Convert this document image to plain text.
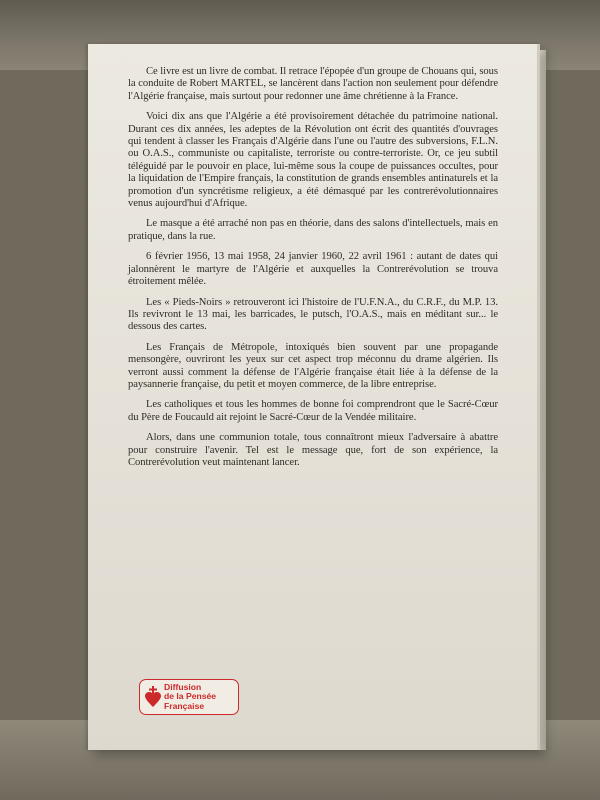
Ce livre est un livre de combat. Il retrace l'épopée d'un groupe de Chouans qui, sous la conduite de Robert MARTEL, se lancèrent dans l'action non seulement pour défendre l'Algérie française, mais surtout pour redonner une âme chrétienne à la France.

Voici dix ans que l'Algérie a été provisoirement détachée du patrimoine national. Durant ces dix années, les adeptes de la Révolution ont écrit des quantités d'ouvrages qui tendent à classer les Français d'Algérie dans l'une ou l'autre des subversions, F.L.N. ou O.A.S., communiste ou capitaliste, terroriste ou contre-terroriste. Or, ce jeu subtil téléguidé par le pouvoir en place, lui-même sous la coupe de puissances occultes, pour la liquidation de l'Empire français, la constitution de grands ensembles antinaturels et la promotion d'un syncrétisme religieux, a été démasqué par les contrerévolutionnaires venus aujourd'hui d'Afrique.

Le masque a été arraché non pas en théorie, dans des salons d'intellectuels, mais en pratique, dans la rue.

6 février 1956, 13 mai 1958, 24 janvier 1960, 22 avril 1961 : autant de dates qui jalonnèrent le martyre de l'Algérie et auxquelles la Contrerévolution se trouva étroitement mêlée.

Les « Pieds-Noirs » retrouveront ici l'histoire de l'U.F.N.A., du C.R.F., du M.P. 13. Ils revivront le 13 mai, les barricades, le putsch, l'O.A.S., mais en méditant sur... le dessous des cartes.

Les Français de Métropole, intoxiqués bien souvent par une propagande mensongère, ouvriront les yeux sur cet aspect trop méconnu du drame algérien. Ils verront aussi comment la défense de l'Algérie française était liée à la défense de la paysannerie française, du petit et moyen commerce, de la libre entreprise.

Les catholiques et tous les hommes de bonne foi comprendront que le Sacré-Cœur du Père de Foucauld ait rejoint le Sacré-Cœur de la Vendée militaire.

Alors, dans une communion totale, tous connaîtront mieux l'adversaire à abattre pour construire l'avenir. Tel est le message que, fort de son expérience, la Contrerévolution veut maintenant lancer.

Diffusion
de la Pensée
Française
